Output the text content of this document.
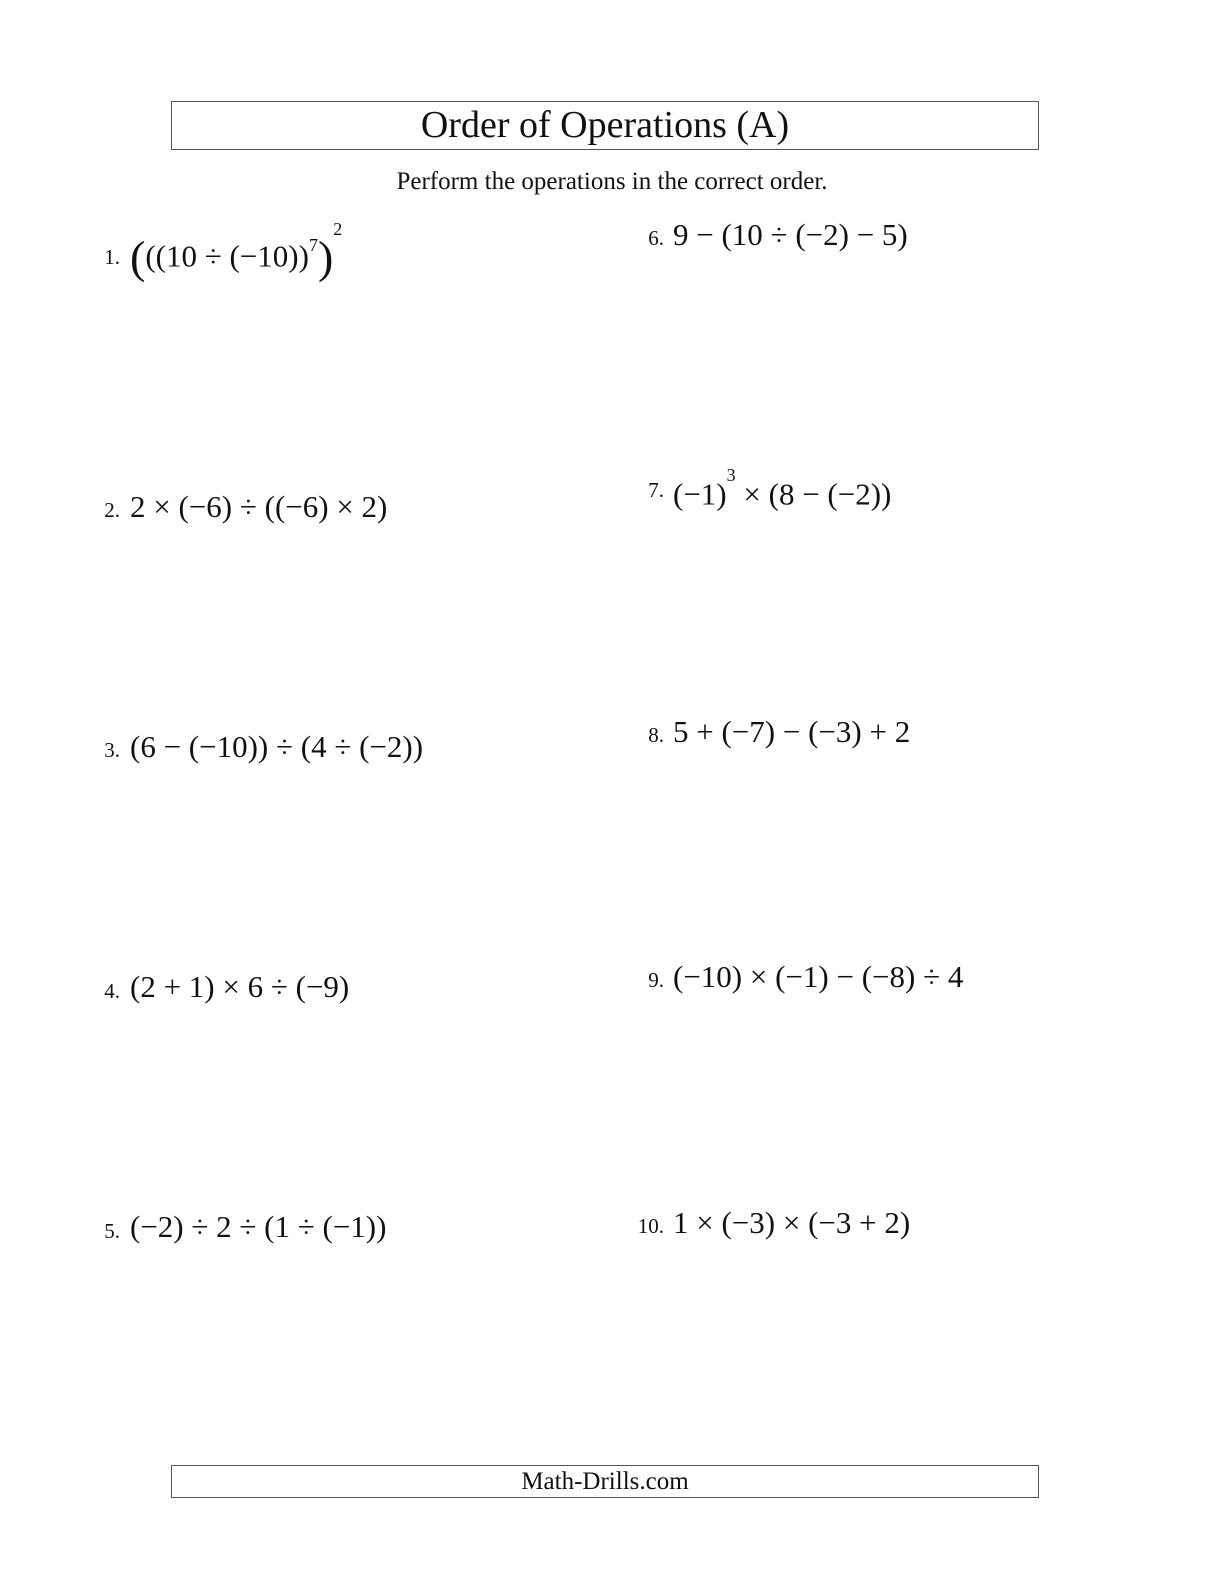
Order of Operations (A)
Perform the operations in the correct order.
1. ($((10 \div (-10))^7)^2$
2. 2 × (−6) ÷ ((−6) × 2)
3. (6 − (−10)) ÷ (4 ÷ (−2))
4. (2 + 1) × 6 ÷ (−9)
5. (−2) ÷ 2 ÷ (1 ÷ (−1))
6. 9 − (10 ÷ (−2) − 5)
7. $(-1)^3 \times (8 - (-2))$
8. 5 + (−7) − (−3) + 2
9. (−10) × (−1) − (−8) ÷ 4
10. 1 × (−3) × (−3 + 2)
Math-Drills.com
